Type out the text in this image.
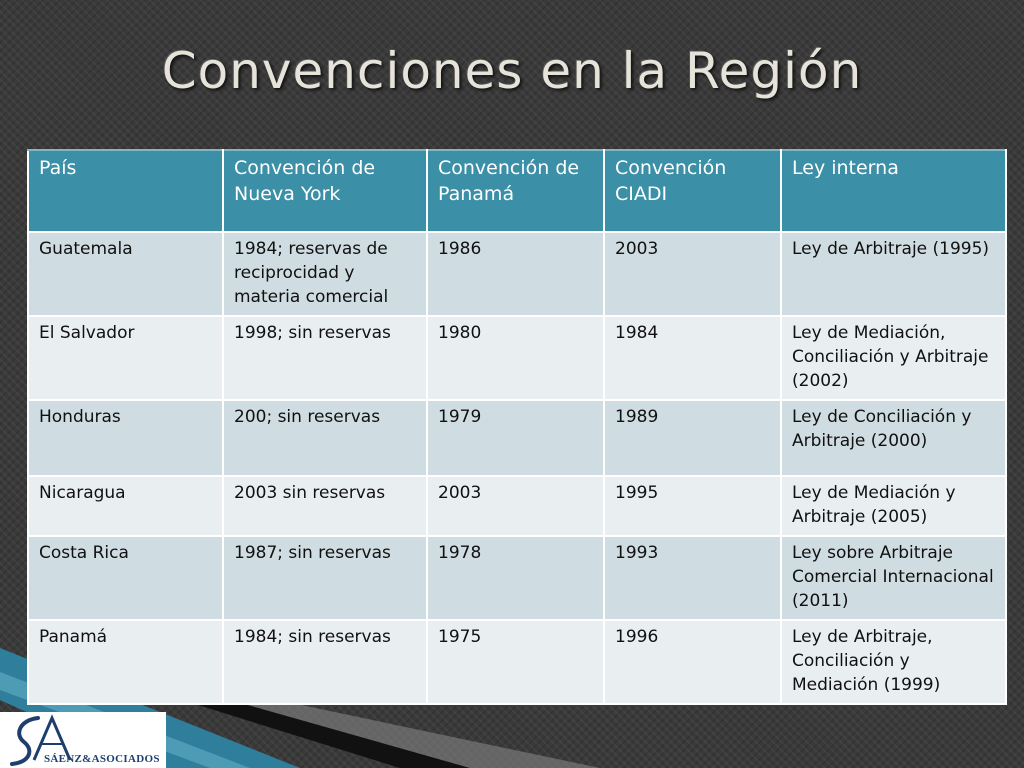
Convenciones en la Región
País	Convención de Nueva York	Convención de Panamá	Convención CIADI	Ley interna
Guatemala	1984; reservas de reciprocidad y materia comercial	1986	2003	Ley de Arbitraje (1995)
El Salvador	1998; sin reservas	1980	1984	Ley de Mediación, Conciliación y Arbitraje (2002)
Honduras	200; sin reservas	1979	1989	Ley de Conciliación y Arbitraje (2000)
Nicaragua	2003 sin reservas	2003	1995	Ley de Mediación y Arbitraje (2005)
Costa Rica	1987; sin reservas	1978	1993	Ley sobre Arbitraje Comercial Internacional (2011)
Panamá	1984; sin reservas	1975	1996	Ley de Arbitraje, Conciliación y Mediación (1999)
SÁENZ&ASOCIADOS
